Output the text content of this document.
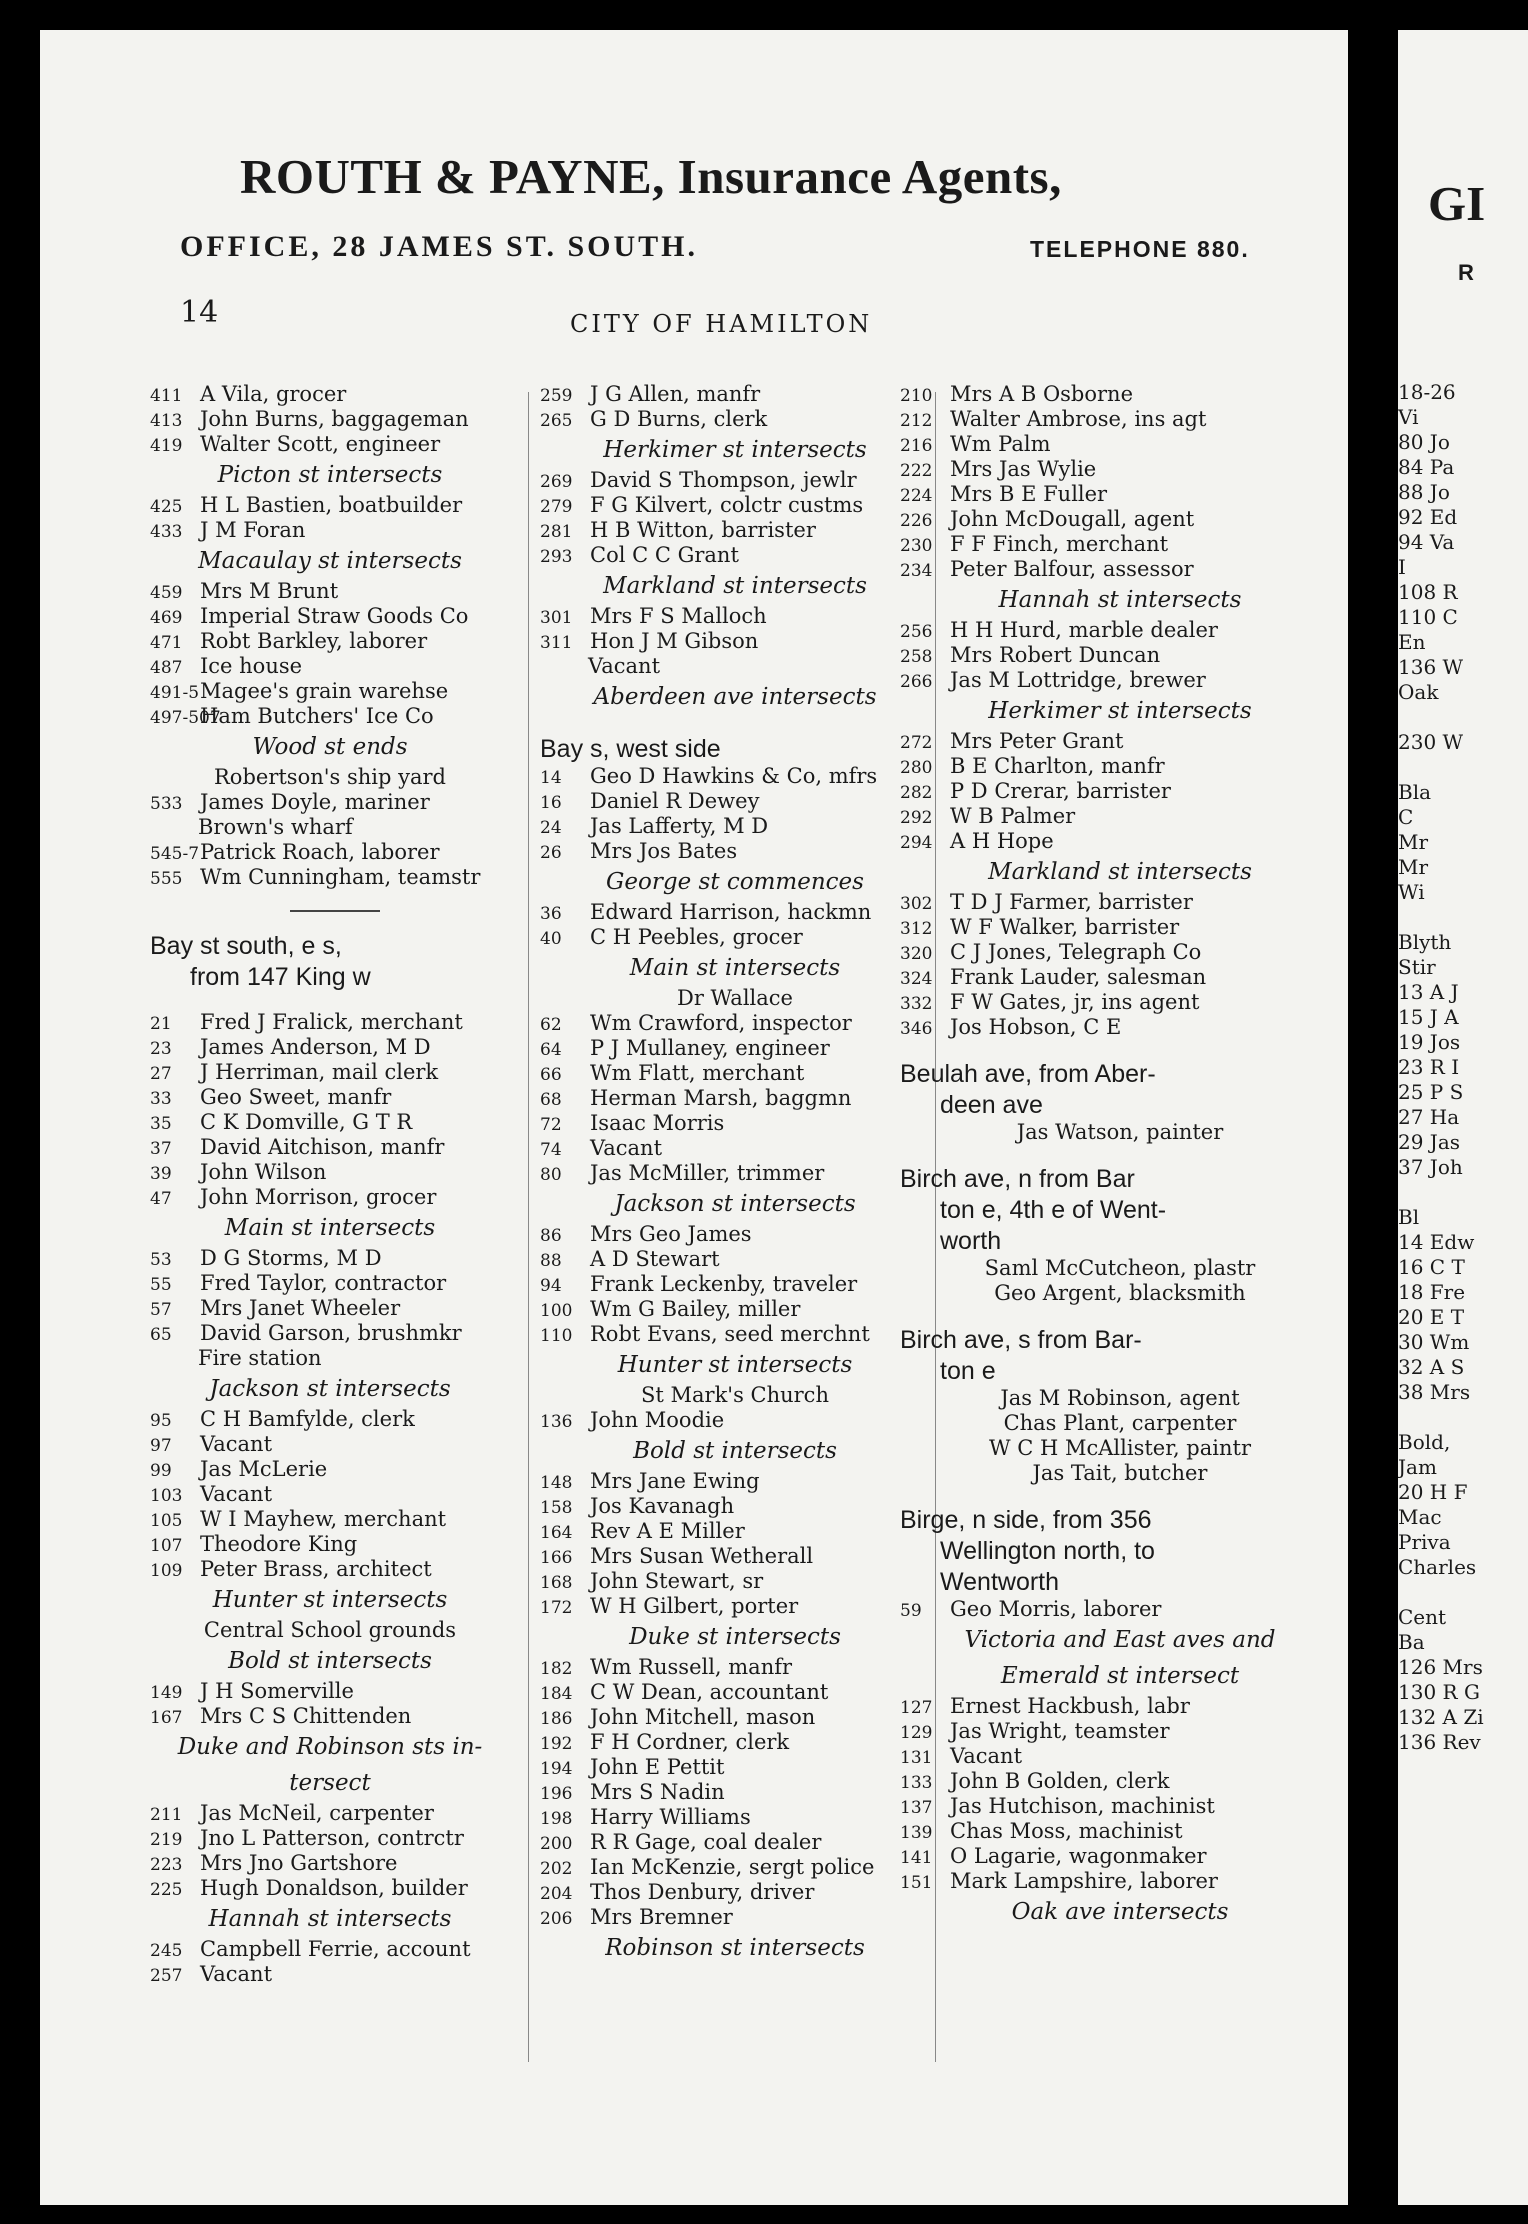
ROUTH & PAYNE, Insurance Agents,

OFFICE, 28 JAMES ST. SOUTH.	TELEPHONE 880.

14	CITY OF HAMILTON

411 A Vila, grocer
413 John Burns, baggageman
419 Walter Scott, engineer
Picton st intersects
425 H L Bastien, boatbuilder
433 J M Foran
Macaulay st intersects
459 Mrs M Brunt
469 Imperial Straw Goods Co
471 Robt Barkley, laborer
487 Ice house
491-5Magee's grain warehse
497-507Ham Butchers' Ice Co
Wood st ends
Robertson's ship yard
533 James Doyle, mariner
Brown's wharf
545-7Patrick Roach, laborer
555 Wm Cunningham, teamstr
Bay st south, e s,
from 147 King w
21 Fred J Fralick, merchant
23 James Anderson, M D
27 J Herriman, mail clerk
33 Geo Sweet, manfr
35 C K Domville, G T R
37 David Aitchison, manfr
39 John Wilson
47 John Morrison, grocer
Main st intersects
53 D G Storms, M D
55 Fred Taylor, contractor
57 Mrs Janet Wheeler
65 David Garson, brushmkr
Fire station
Jackson st intersects
95 C H Bamfylde, clerk
97 Vacant
99 Jas McLerie
103 Vacant
105 W I Mayhew, merchant
107 Theodore King
109 Peter Brass, architect
Hunter st intersects
Central School grounds
Bold st intersects
149 J H Somerville
167 Mrs C S Chittenden
Duke and Robinson sts in-
tersect
211 Jas McNeil, carpenter
219 Jno L Patterson, contrctr
223 Mrs Jno Gartshore
225 Hugh Donaldson, builder
Hannah st intersects
245 Campbell Ferrie, account
257 Vacant
259 J G Allen, manfr
265 G D Burns, clerk
Herkimer st intersects
269 David S Thompson, jewlr
279 F G Kilvert, colctr custms
281 H B Witton, barrister
293 Col C C Grant
Markland st intersects
301 Mrs F S Malloch
311 Hon J M Gibson
Vacant
Aberdeen ave intersects
Bay s, west side
14 Geo D Hawkins & Co, mfrs
16 Daniel R Dewey
24 Jas Lafferty, M D
26 Mrs Jos Bates
George st commences
36 Edward Harrison, hackmn
40 C H Peebles, grocer
Main st intersects
Dr Wallace
62 Wm Crawford, inspector
64 P J Mullaney, engineer
66 Wm Flatt, merchant
68 Herman Marsh, baggmn
72 Isaac Morris
74 Vacant
80 Jas McMiller, trimmer
Jackson st intersects
86 Mrs Geo James
88 A D Stewart
94 Frank Leckenby, traveler
100 Wm G Bailey, miller
110 Robt Evans, seed merchnt
Hunter st intersects
St Mark's Church
136 John Moodie
Bold st intersects
148 Mrs Jane Ewing
158 Jos Kavanagh
164 Rev A E Miller
166 Mrs Susan Wetherall
168 John Stewart, sr
172 W H Gilbert, porter
Duke st intersects
182 Wm Russell, manfr
184 C W Dean, accountant
186 John Mitchell, mason
192 F H Cordner, clerk
194 John E Pettit
196 Mrs S Nadin
198 Harry Williams
200 R R Gage, coal dealer
202 Ian McKenzie, sergt police
204 Thos Denbury, driver
206 Mrs Bremner
Robinson st intersects
210 Mrs A B Osborne
212 Walter Ambrose, ins agt
216 Wm Palm
222 Mrs Jas Wylie
224 Mrs B E Fuller
226 John McDougall, agent
230 F F Finch, merchant
234 Peter Balfour, assessor
Hannah st intersects
256 H H Hurd, marble dealer
258 Mrs Robert Duncan
266 Jas M Lottridge, brewer
Herkimer st intersects
272 Mrs Peter Grant
280 B E Charlton, manfr
282 P D Crerar, barrister
292 W B Palmer
294 A H Hope
Markland st intersects
302 T D J Farmer, barrister
312 W F Walker, barrister
320 C J Jones, Telegraph Co
324 Frank Lauder, salesman
332 F W Gates, jr, ins agent
346 Jos Hobson, C E
Beulah ave, from Aber-
deen ave
Jas Watson, painter
Birch ave, n from Bar
ton e, 4th e of Went-
worth
Saml McCutcheon, plastr
Geo Argent, blacksmith
Birch ave, s from Bar-
ton e
Jas M Robinson, agent
Chas Plant, carpenter
W C H McAllister, paintr
Jas Tait, butcher
Birge, n side, from 356
Wellington north, to
Wentworth
59 Geo Morris, laborer
Victoria and East aves and
Emerald st intersect
127 Ernest Hackbush, labr
129 Jas Wright, teamster
131 Vacant
133 John B Golden, clerk
137 Jas Hutchison, machinist
139 Chas Moss, machinist
141 O Lagarie, wagonmaker
151 Mark Lampshire, laborer
Oak ave intersects

GI

R

18-26
Vi
80 Jo
84 Pa
88 Jo
92 Ed
94 Va
I
108 R
110 C
En
136 W
Oak
230 W
Bla
C
Mr
Mr
Wi
Blyth
Stir
13 A J
15 J A
19 Jos
23 R I
25 P S
27 Ha
29 Jas
37 Joh
Bl
14 Edw
16 C T
18 Fre
20 E T
30 Wm
32 A S
38 Mrs
Bold,
Jam
20 H F
Mac
Priva
Charles
Cent
Ba
126 Mrs
130 R G
132 A Zi
136 Rev
